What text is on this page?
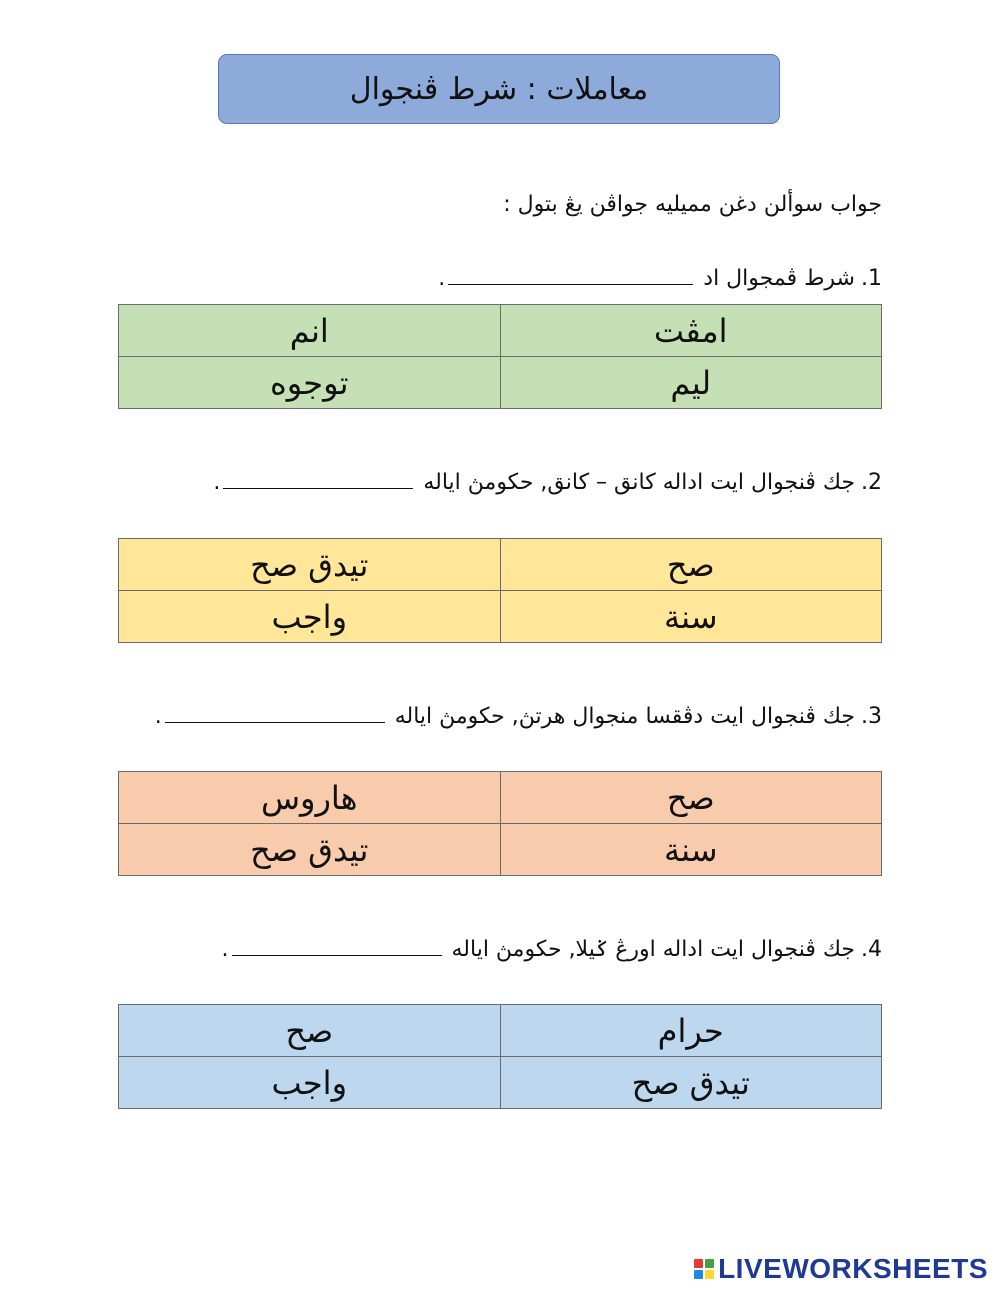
معاملات : شرط ڤنجوال
جواب سوألن دغن مميليه جواڤن يڠ بتول :
1.شرط ڤمجوال اد .
امڤت	انم
ليم	توجوه
2.جك ڤنجوال ايت اداله كانق – كانق, حكومڽ اياله .
صح	تيدق صح
سنة	واجب
3.جك ڤنجوال ايت دڤقسا منجوال هرتڽ, حكومڽ اياله .
صح	هاروس
سنة	تيدق صح
4.جك ڤنجوال ايت اداله اورڠ ݢيلا, حكومڽ اياله .
حرام	صح
تيدق صح	واجب
LIVEWORKSHEETS
